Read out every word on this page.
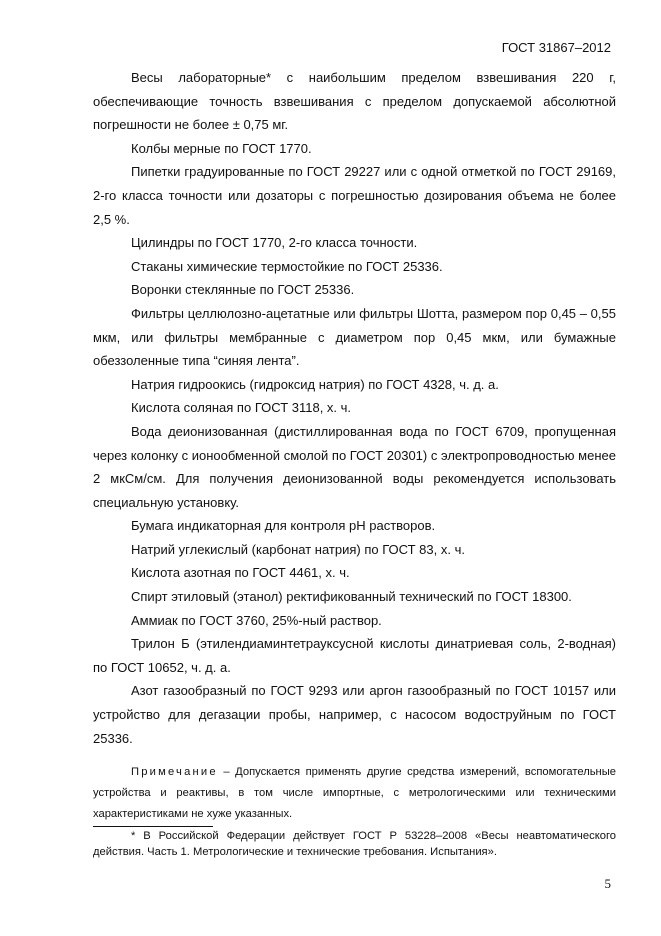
ГОСТ 31867–2012

Весы лабораторные* с наибольшим пределом взвешивания 220 г, обеспечивающие точность взвешивания с пределом допускаемой абсолютной погрешности не более ± 0,75 мг.

Колбы мерные по ГОСТ 1770.

Пипетки градуированные по ГОСТ 29227 или с одной отметкой по ГОСТ 29169, 2-го класса точности или дозаторы с погрешностью дозирования объема не более 2,5 %.

Цилиндры по ГОСТ 1770, 2-го класса точности.

Стаканы химические термостойкие по ГОСТ 25336.

Воронки стеклянные по ГОСТ 25336.

Фильтры целлюлозно-ацетатные или фильтры Шотта, размером пор 0,45 – 0,55 мкм, или фильтры мембранные с диаметром пор 0,45 мкм, или бумажные обеззоленные типа “синяя лента”.

Натрия гидроокись (гидроксид натрия) по ГОСТ 4328, ч. д. а.

Кислота соляная по ГОСТ 3118, х. ч.

Вода деионизованная (дистиллированная вода по ГОСТ 6709, пропущенная через колонку с ионообменной смолой по ГОСТ 20301) с электропроводностью менее 2 мкСм/см. Для получения деионизованной воды рекомендуется использовать специальную установку.

Бумага индикаторная для контроля pH растворов.

Натрий углекислый (карбонат натрия) по ГОСТ 83, х. ч.

Кислота азотная по ГОСТ 4461, х. ч.

Спирт этиловый (этанол) ректификованный технический по ГОСТ 18300.

Аммиак по ГОСТ 3760, 25%-ный раствор.

Трилон Б (этилендиаминтетрауксусной кислоты динатриевая соль, 2-водная) по ГОСТ 10652, ч. д. а.

Азот газообразный по ГОСТ 9293 или аргон газообразный по ГОСТ 10157 или устройство для дегазации пробы, например, с насосом водоструйным по ГОСТ 25336.

Примечание – Допускается применять другие средства измерений, вспомогательные устройства и реактивы, в том числе импортные, с метрологическими или техническими характеристиками не хуже указанных.

* В Российской Федерации действует ГОСТ Р 53228–2008 «Весы неавтоматического действия. Часть 1. Метрологические и технические требования. Испытания».

5
